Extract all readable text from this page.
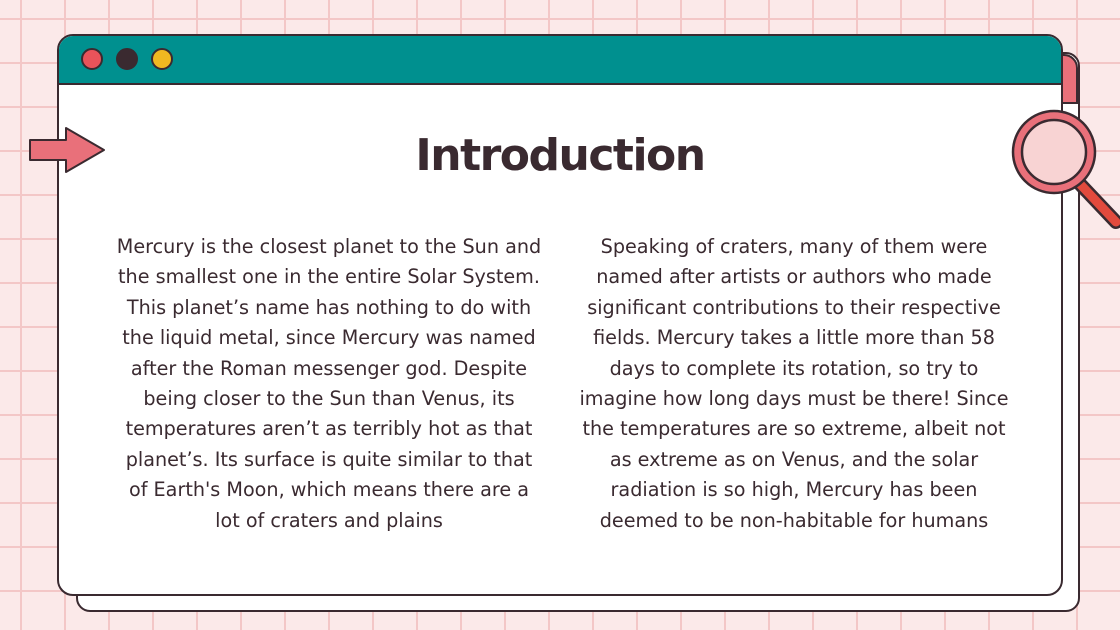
Introduction

Mercury is the closest planet to the Sun and the smallest one in the entire Solar System. This planet’s name has nothing to do with the liquid metal, since Mercury was named after the Roman messenger god. Despite being closer to the Sun than Venus, its temperatures aren’t as terribly hot as that planet’s. Its surface is quite similar to that of Earth's Moon, which means there are a lot of craters and plains

Speaking of craters, many of them were named after artists or authors who made significant contributions to their respective fields. Mercury takes a little more than 58 days to complete its rotation, so try to imagine how long days must be there! Since the temperatures are so extreme, albeit not as extreme as on Venus, and the solar radiation is so high, Mercury has been deemed to be non-habitable for humans
